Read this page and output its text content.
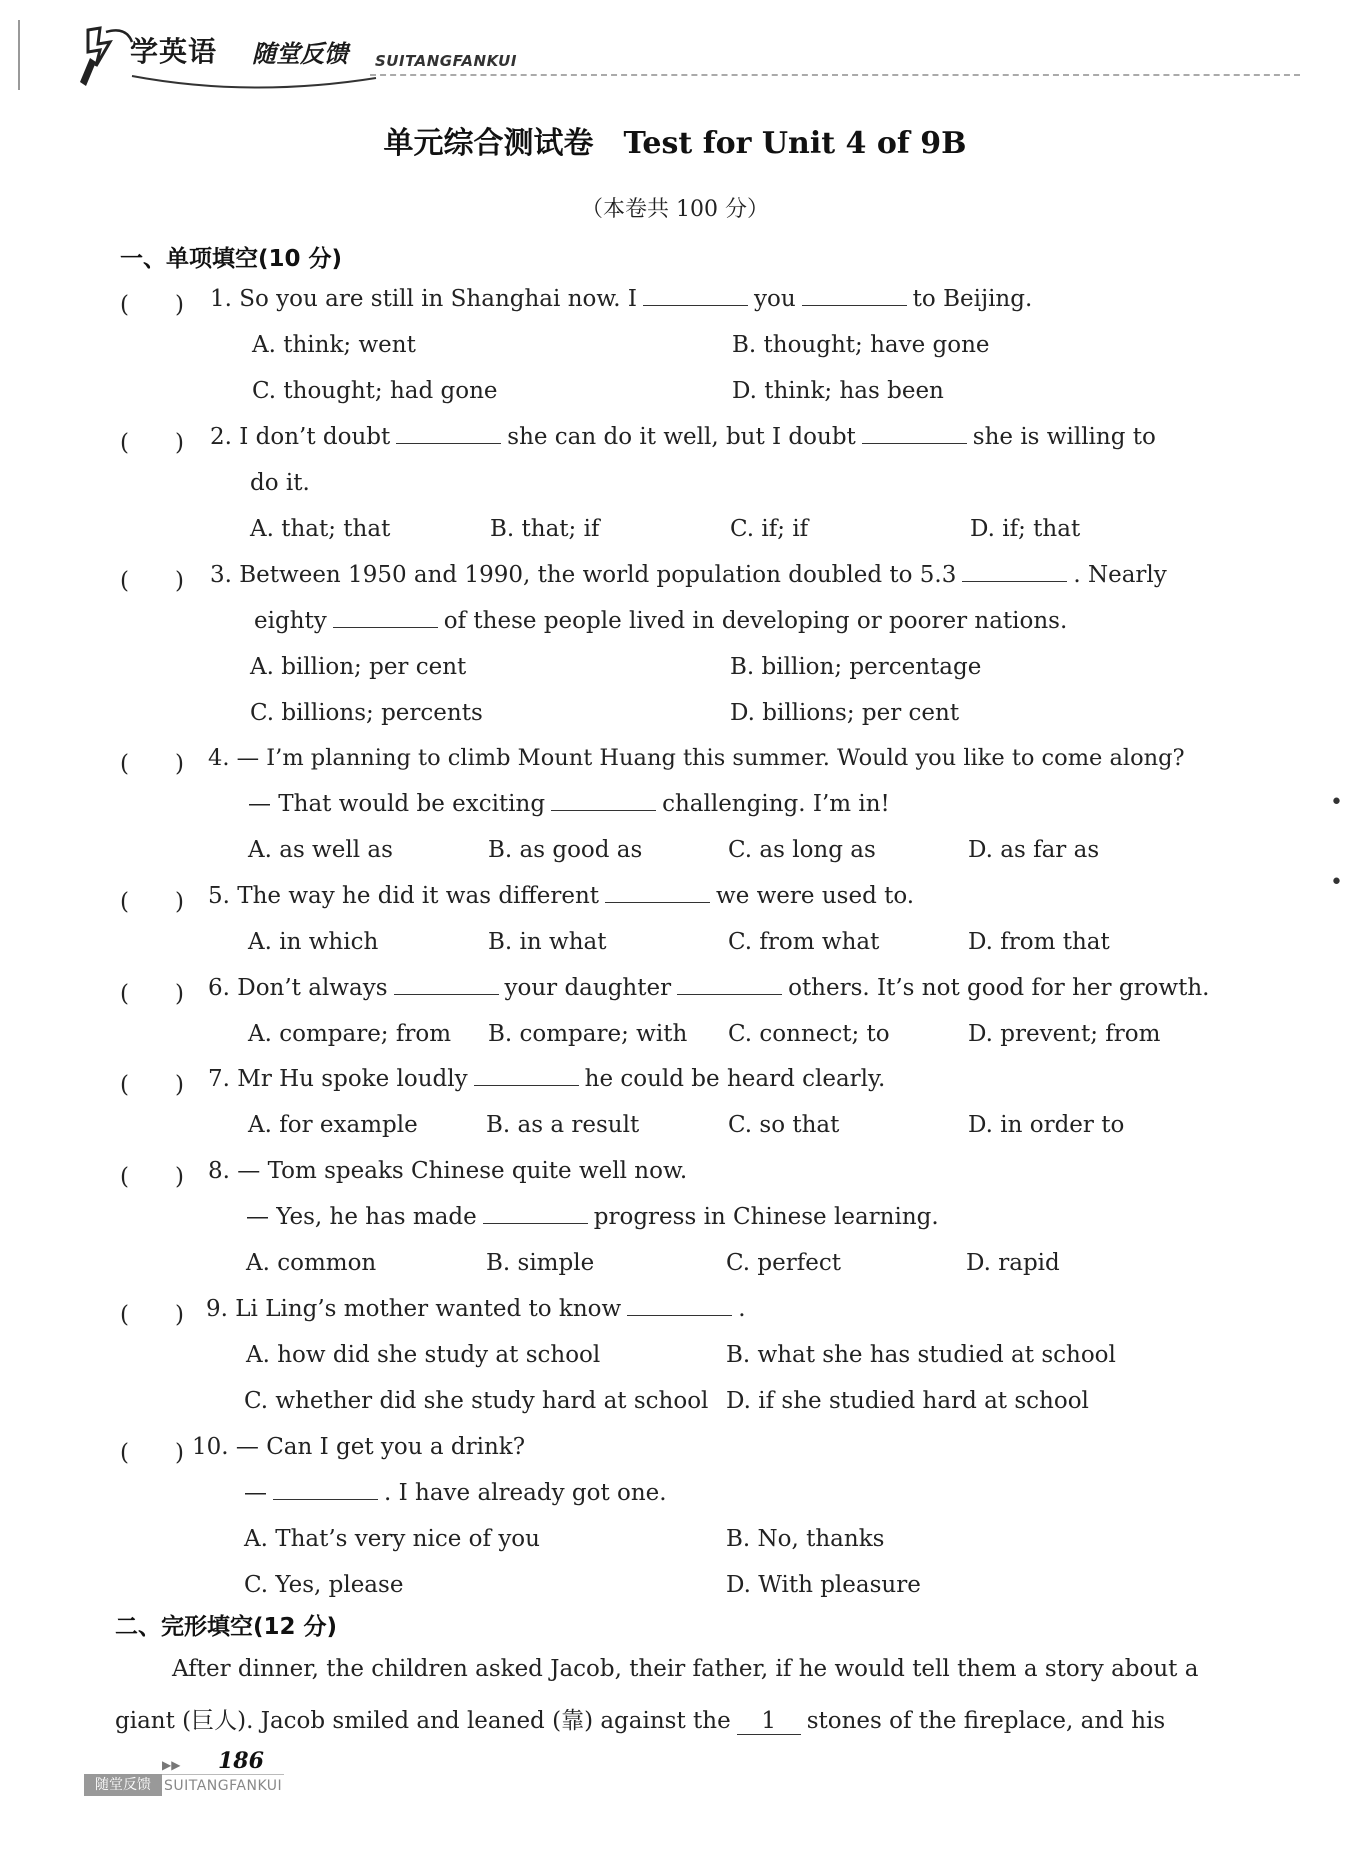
学英语 随堂反馈 SUITANGFANKUI
单元综合测试卷　Test for Unit 4 of 9B
（本卷共 100 分）
一、单项填空(10 分)
(　　) 1. So you are still in Shanghai now. I	you	to Beijing.
A. think; went	B. thought; have gone
C. thought; had gone	D. think; has been
(　　) 2. I don’t doubt	she can do it well, but I doubt	she is willing to
do it.
A. that; that	B. that; if	C. if; if	D. if; that
(　　) 3. Between 1950 and 1990, the world population doubled to 5.3	. Nearly
eighty	of these people lived in developing or poorer nations.
A. billion; per cent	B. billion; percentage
C. billions; percents	D. billions; per cent
(　　) 4. — I’m planning to climb Mount Huang this summer. Would you like to come along?
— That would be exciting	challenging. I’m in!
A. as well as	B. as good as	C. as long as	D. as far as
(　　) 5. The way he did it was different	we were used to.
A. in which	B. in what	C. from what	D. from that
(　　) 6. Don’t always	your daughter	others. It’s not good for her growth.
A. compare; from B. compare; with C. connect; to	D. prevent; from
(　　) 7. Mr Hu spoke loudly	he could be heard clearly.
A. for example	B. as a result	C. so that	D. in order to
(　　) 8. — Tom speaks Chinese quite well now.
— Yes, he has made	progress in Chinese learning.
A. common	B. simple	C. perfect	D. rapid
(　　) 9. Li Ling’s mother wanted to know	.
A. how did she study at school	B. what she has studied at school
C. whether did she study hard at school D. if she studied hard at school
(　　) 10. — Can I get you a drink?
—	. I have already got one.
A. That’s very nice of you	B. No, thanks
C. Yes, please	D. With pleasure
二、完形填空(12 分)
After dinner, the children asked Jacob, their father, if he would tell them a story about a
giant (巨人). Jacob smiled and leaned (靠) against the 1 stones of the fireplace, and his
•
•
▶▶ 186
随堂反馈 SUITANGFANKUI
